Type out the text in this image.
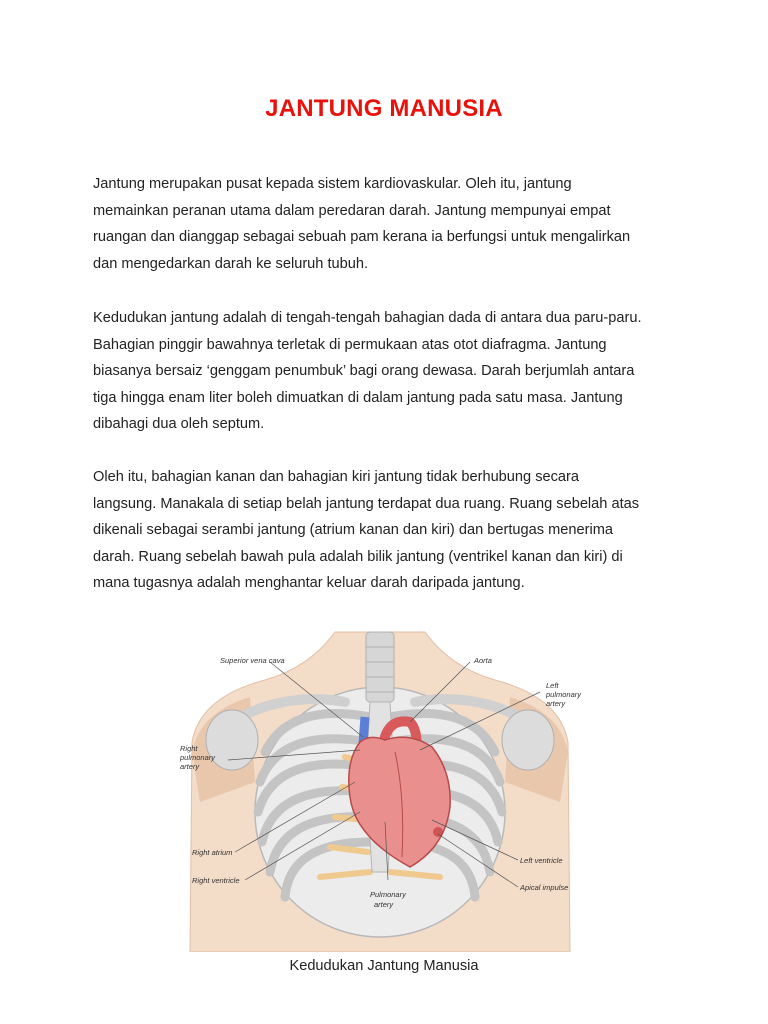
JANTUNG MANUSIA
Jantung merupakan pusat kepada sistem kardiovaskular. Oleh itu, jantung
memainkan peranan utama dalam peredaran darah. Jantung mempunyai empat
ruangan dan dianggap sebagai sebuah pam kerana ia berfungsi untuk mengalirkan
dan mengedarkan darah ke seluruh tubuh.
Kedudukan jantung adalah di tengah-tengah bahagian dada di antara dua paru-paru.
Bahagian pinggir bawahnya terletak di permukaan atas otot diafragma. Jantung
biasanya bersaiz ‘genggam penumbuk’ bagi orang dewasa. Darah berjumlah antara
tiga hingga enam liter boleh dimuatkan di dalam jantung pada satu masa. Jantung
dibahagi dua oleh septum.
Oleh itu, bahagian kanan dan bahagian kiri jantung tidak berhubung secara
langsung. Manakala di setiap belah jantung terdapat dua ruang. Ruang sebelah atas
dikenali sebagai serambi jantung (atrium kanan dan kiri) dan bertugas menerima
darah. Ruang sebelah bawah pula adalah bilik jantung (ventrikel kanan dan kiri) di
mana tugasnya adalah menghantar keluar darah daripada jantung.
Superior vena cava	Aorta
Left
pulmonary
artery
Right
pulmonary
artery
Right atrium
Right ventricle
Pulmonary
artery
Left ventricle
Apical impulse
Kedudukan Jantung Manusia
